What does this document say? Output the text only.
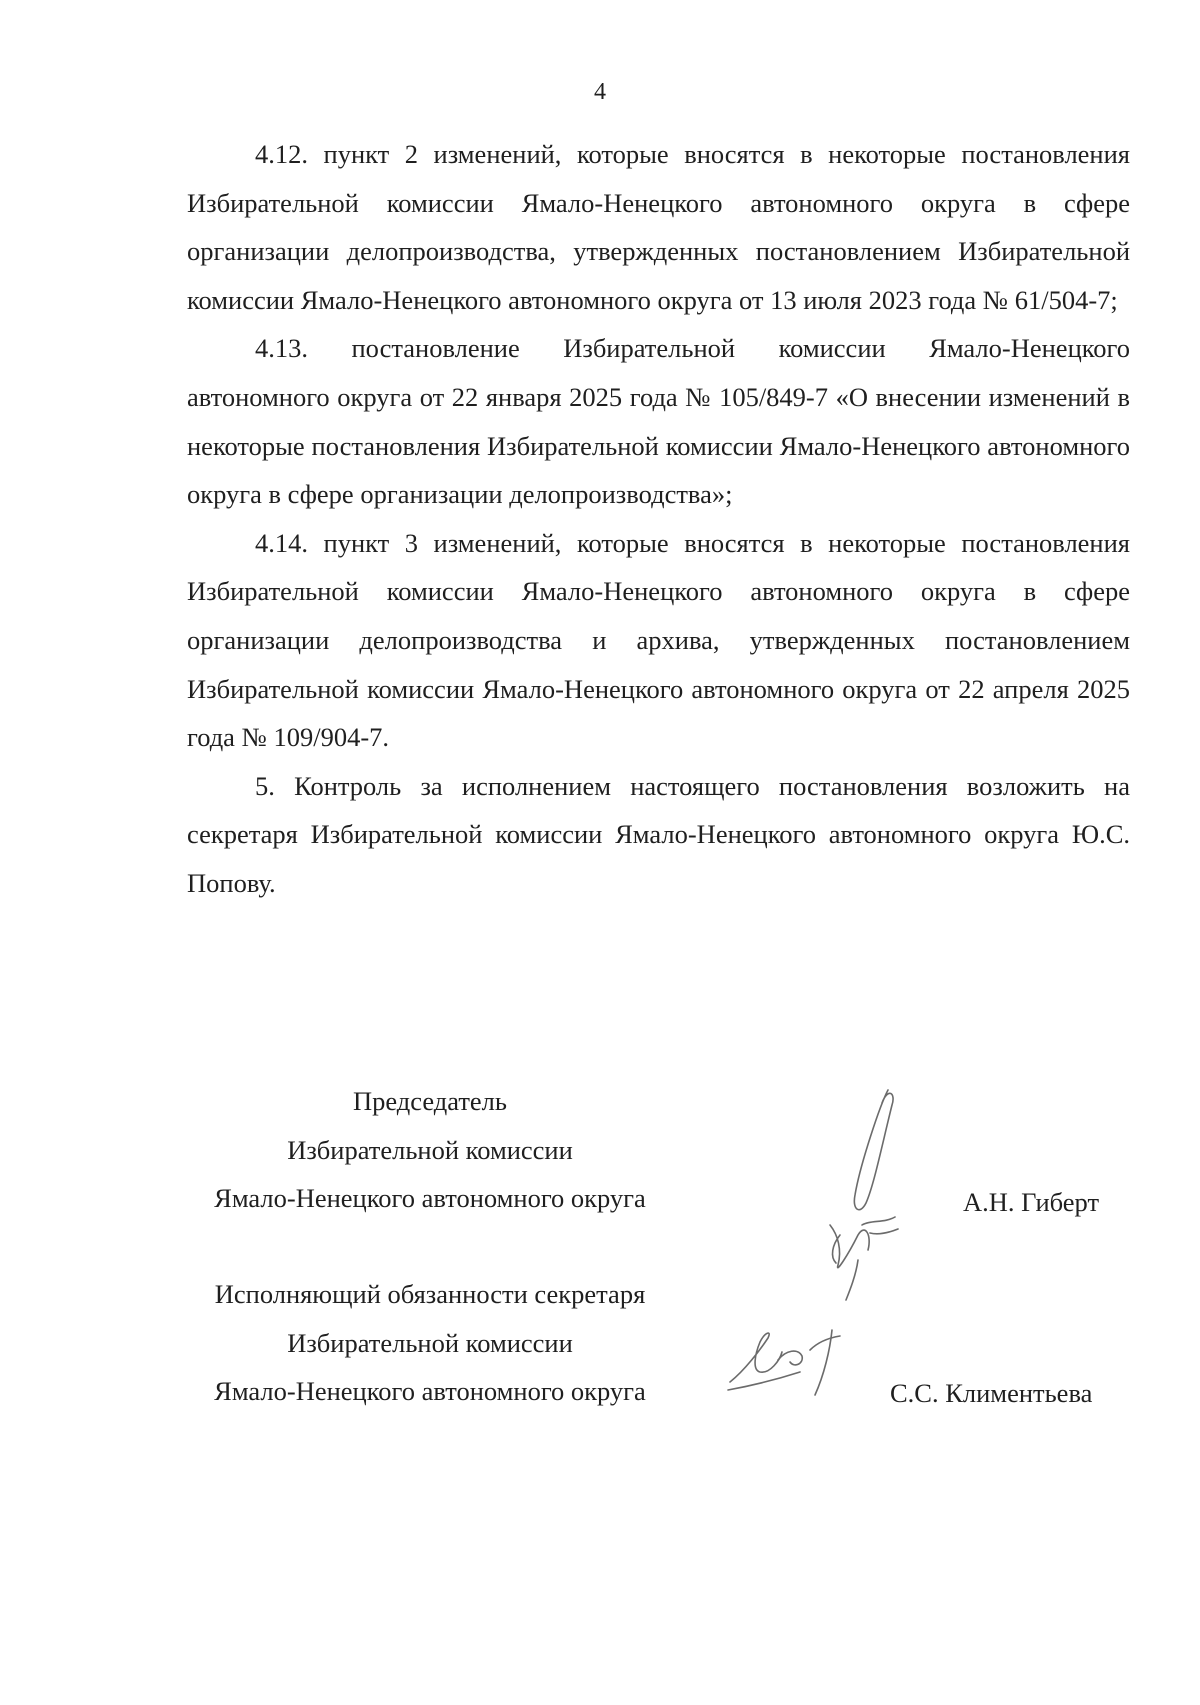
4

4.12. пункт 2 изменений, которые вносятся в некоторые постановления Избирательной комиссии Ямало-Ненецкого автономного округа в сфере организации делопроизводства, утвержденных постановлением Избирательной комиссии Ямало-Ненецкого автономного округа от 13 июля 2023 года № 61/504-7;

4.13. постановление Избирательной комиссии Ямало-Ненецкого автономного округа от 22 января 2025 года № 105/849-7 «О внесении изменений в некоторые постановления Избирательной комиссии Ямало-Ненецкого автономного округа в сфере организации делопроизводства»;

4.14. пункт 3 изменений, которые вносятся в некоторые постановления Избирательной комиссии Ямало-Ненецкого автономного округа в сфере организации делопроизводства и архива, утвержденных постановлением Избирательной комиссии Ямало-Ненецкого автономного округа от 22 апреля 2025 года № 109/904-7.

5. Контроль за исполнением настоящего постановления возложить на секретаря Избирательной комиссии Ямало-Ненецкого автономного округа Ю.С. Попову.

Председатель
Избирательной комиссии
Ямало-Ненецкого автономного округа	А.Н. Гиберт
Исполняющий обязанности секретаря
Избирательной комиссии
Ямало-Ненецкого автономного округа	С.С. Климентьева
